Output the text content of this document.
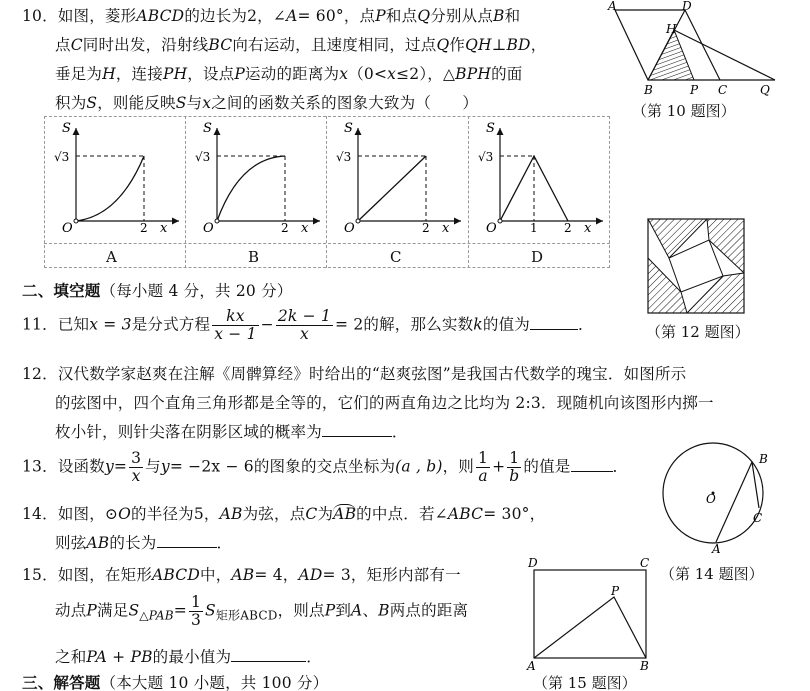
10．如图，菱形ABCD的边长为2，∠A= 60°，点P和点Q分别从点B和
点C同时出发，沿射线BC向右运动，且速度相同，过点Q作QH⊥BD，
垂足为H，连接PH，设点P运动的距离为x（0<x≤2），△BPH的面
积为S，则能反映S与x之间的函数关系的图象大致为（　　）
A	D
H
B	P C	Q
（第 10 题图）
S
√3
O	2 x
S
√3
O	2 x
S
√3
O	2 x
S
√3
O	1 2 x
A	B	C	D
（第 12 题图）
二、填空题（每小题 4 分，共 20 分）
11．已知x = 3是分式方程 $\frac{kx}{x - 1} - \frac{2k - 1}{x} = 2$的解，那么实数k的值为	．
12．汉代数学家赵爽在注解《周髀算经》时给出的“赵爽弦图”是我国古代数学的瑰宝．如图所示
的弦图中，四个直角三角形都是全等的，它们的两直角边之比均为 2:3．现随机向该图形内掷一
枚小针，则针尖落在阴影区域的概率为	．
13．设函数$y= \frac{3}{x}$ 与y= −2x − 6的图象的交点坐标为(a , b)，则 $\frac{1}{a} + \frac{1}{b}$ 的值是	．	B
O
C
A
（第 14 题图）
14．如图，⊙O的半径为5，AB为弦，点C为AB的中点．若∠ABC= 30°，
则弦AB的长为	．
D	C
P
A	B
（第 15 题图）
15．如图，在矩形ABCD中，AB= 4，AD= 3，矩形内部有一
动点P满足$S_{\triangle PAB}= \frac{1}{3} S_{矩形ABCD}$，则点P到A、B两点的距离
之和PA + PB的最小值为	．
三、解答题（本大题 10 小题，共 100 分）
